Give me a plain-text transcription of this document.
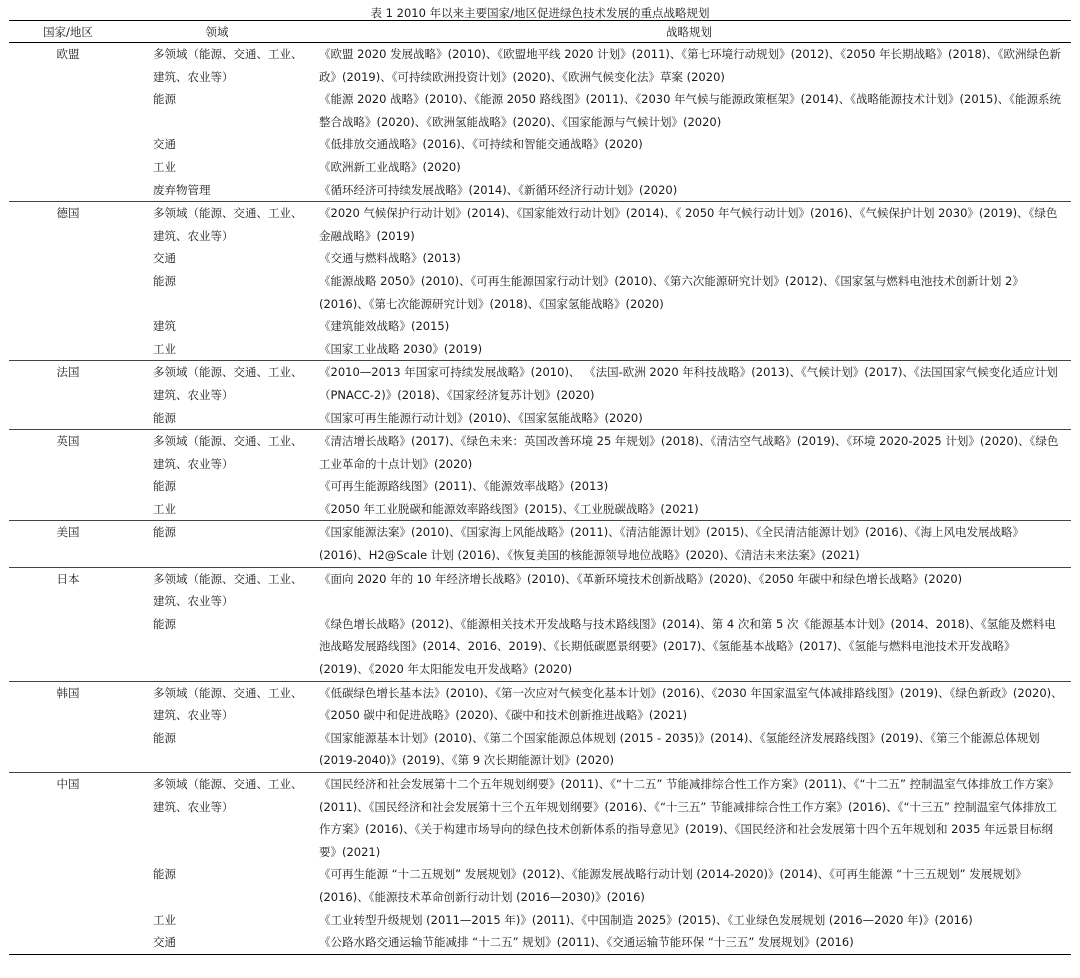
表 1 2010 年以来主要国家/地区促进绿色技术发展的重点战略规划
国家/地区	领域	战略规划
欧盟	多领域（能源、交通、工业、建筑、农业等）	《欧盟 2020 发展战略》(2010)、《欧盟地平线 2020 计划》(2011)、《第七环境行动规划》(2012)、《2050 年长期战略》(2018)、《欧洲绿色新政》(2019)、《可持续欧洲投资计划》(2020)、《欧洲气候变化法》草案 (2020)
	能源	《能源 2020 战略》(2010)、《能源 2050 路线图》(2011)、《2030 年气候与能源政策框架》(2014)、《战略能源技术计划》(2015)、《能源系统整合战略》(2020)、《欧洲氢能战略》(2020)、《国家能源与气候计划》(2020)
	交通	《低排放交通战略》(2016)、《可持续和智能交通战略》(2020)
	工业	《欧洲新工业战略》(2020)
	废弃物管理	《循环经济可持续发展战略》(2014)、《新循环经济行动计划》(2020)
德国	多领域（能源、交通、工业、建筑、农业等）	《2020 气候保护行动计划》(2014)、《国家能效行动计划》(2014)、《 2050 年气候行动计划》(2016)、《气候保护计划 2030》(2019)、《绿色金融战略》(2019)
	交通	《交通与燃料战略》(2013)
	能源	《能源战略 2050》(2010)、《可再生能源国家行动计划》(2010)、《第六次能源研究计划》(2012)、《国家氢与燃料电池技术创新计划 2》(2016)、《第七次能源研究计划》(2018)、《国家氢能战略》(2020)
	建筑	《建筑能效战略》(2015)
	工业	《国家工业战略 2030》(2019)
法国	多领域（能源、交通、工业、建筑、农业等）	《2010—2013 年国家可持续发展战略》(2010)、 《法国-欧洲 2020 年科技战略》(2013)、《气候计划》(2017)、《法国国家气候变化适应计划（PNACC-2)》(2018)、《国家经济复苏计划》(2020)
	能源	《国家可再生能源行动计划》(2010)、《国家氢能战略》(2020)
英国	多领域（能源、交通、工业、建筑、农业等）	《清洁增长战略》(2017)、《绿色未来：英国改善环境 25 年规划》(2018)、《清洁空气战略》(2019)、《环境 2020-2025 计划》(2020)、《绿色工业革命的十点计划》(2020)
	能源	《可再生能源路线图》(2011)、《能源效率战略》(2013)
	工业	《2050 年工业脱碳和能源效率路线图》(2015)、《工业脱碳战略》(2021)
美国	能源	《国家能源法案》(2010)、《国家海上风能战略》(2011)、《清洁能源计划》(2015)、《全民清洁能源计划》(2016)、《海上风电发展战略》(2016)、H2@Scale 计划 (2016)、《恢复美国的核能源领导地位战略》(2020)、《清洁未来法案》(2021)
日本	多领域（能源、交通、工业、建筑、农业等）	《面向 2020 年的 10 年经济增长战略》(2010)、《革新环境技术创新战略》(2020)、《2050 年碳中和绿色增长战略》(2020)
	能源	《绿色增长战略》(2012)、《能源相关技术开发战略与技术路线图》(2014)、第 4 次和第 5 次《能源基本计划》(2014、2018)、《氢能及燃料电池战略发展路线图》(2014、2016、2019)、《长期低碳愿景纲要》(2017)、《氢能基本战略》(2017)、《氢能与燃料电池技术开发战略》(2019)、《2020 年太阳能发电开发战略》(2020)
韩国	多领域（能源、交通、工业、建筑、农业等）	《低碳绿色增长基本法》(2010)、《第一次应对气候变化基本计划》(2016)、《2030 年国家温室气体减排路线图》(2019)、《绿色新政》(2020)、《2050 碳中和促进战略》(2020)、《碳中和技术创新推进战略》(2021)
	能源	《国家能源基本计划》(2010)、《第二个国家能源总体规划 (2015 - 2035)》(2014)、《氢能经济发展路线图》(2019)、《第三个能源总体规划 (2019-2040)》(2019)、《第 9 次长期能源计划》(2020)
中国	多领域（能源、交通、工业、建筑、农业等）	《国民经济和社会发展第十二个五年规划纲要》(2011)、《“十二五” 节能减排综合性工作方案》(2011)、《“十二五” 控制温室气体排放工作方案》(2011)、《国民经济和社会发展第十三个五年规划纲要》(2016)、《“十三五” 节能减排综合性工作方案》(2016)、《“十三五” 控制温室气体排放工作方案》(2016)、《关于构建市场导向的绿色技术创新体系的指导意见》(2019)、《国民经济和社会发展第十四个五年规划和 2035 年远景目标纲要》(2021)
	能源	《可再生能源 “十二五规划” 发展规划》(2012)、《能源发展战略行动计划 (2014-2020)》(2014)、《可再生能源 “十三五规划” 发展规划》(2016)、《能源技术革命创新行动计划 (2016—2030)》(2016)
	工业	《工业转型升级规划 (2011—2015 年)》(2011)、《中国制造 2025》(2015)、《工业绿色发展规划 (2016—2020 年)》(2016)
	交通	《公路水路交通运输节能减排 “十二五” 规划》(2011)、《交通运输节能环保 “十三五” 发展规划》(2016)
